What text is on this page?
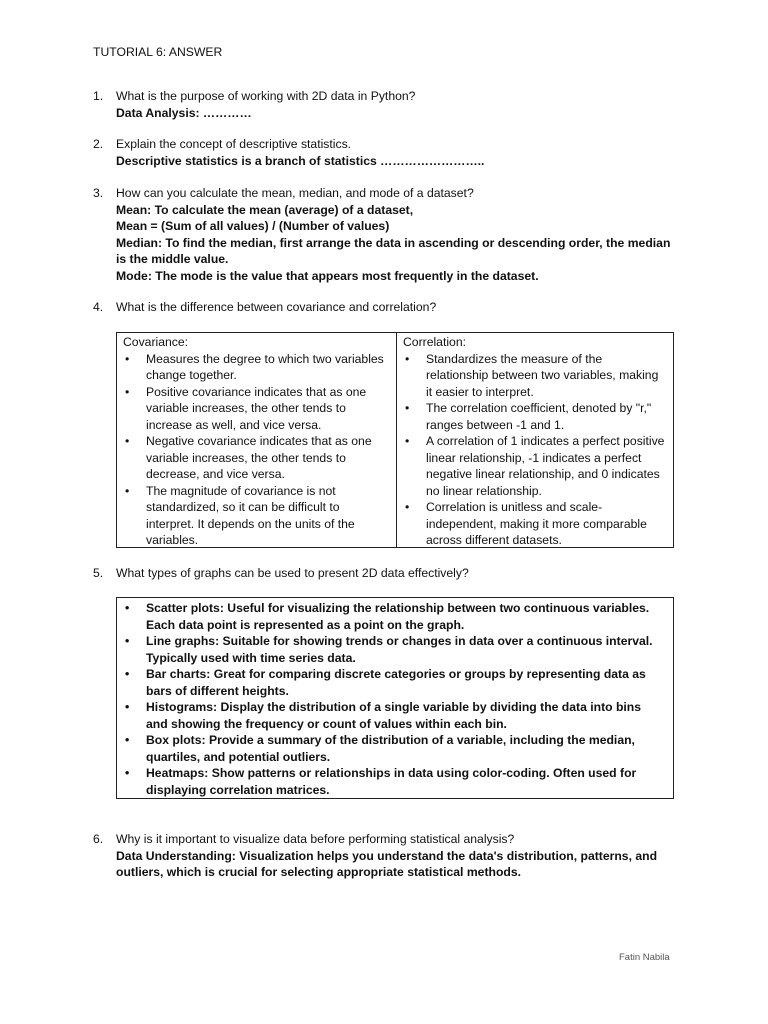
TUTORIAL 6: ANSWER
1.	What is the purpose of working with 2D data in Python?
Data Analysis: …………
2.	Explain the concept of descriptive statistics.
Descriptive statistics is a branch of statistics ……………………..
3.	How can you calculate the mean, median, and mode of a dataset?
Mean: To calculate the mean (average) of a dataset,
Mean = (Sum of all values) / (Number of values)
Median: To find the median, first arrange the data in ascending or descending order, the median is the middle value.
Mode: The mode is the value that appears most frequently in the dataset.
4.	What is the difference between covariance and correlation?
Covariance:
• Measures the degree to which two variables change together.
• Positive covariance indicates that as one variable increases, the other tends to increase as well, and vice versa.
• Negative covariance indicates that as one variable increases, the other tends to decrease, and vice versa.
• The magnitude of covariance is not standardized, so it can be difficult to interpret. It depends on the units of the variables.
Correlation:
• Standardizes the measure of the relationship between two variables, making it easier to interpret.
• The correlation coefficient, denoted by "r," ranges between -1 and 1.
• A correlation of 1 indicates a perfect positive linear relationship, -1 indicates a perfect negative linear relationship, and 0 indicates no linear relationship.
• Correlation is unitless and scale-independent, making it more comparable across different datasets.
5.	What types of graphs can be used to present 2D data effectively?
• Scatter plots: Useful for visualizing the relationship between two continuous variables. Each data point is represented as a point on the graph.
• Line graphs: Suitable for showing trends or changes in data over a continuous interval. Typically used with time series data.
• Bar charts: Great for comparing discrete categories or groups by representing data as bars of different heights.
• Histograms: Display the distribution of a single variable by dividing the data into bins and showing the frequency or count of values within each bin.
• Box plots: Provide a summary of the distribution of a variable, including the median, quartiles, and potential outliers.
• Heatmaps: Show patterns or relationships in data using color-coding. Often used for displaying correlation matrices.
6.	Why is it important to visualize data before performing statistical analysis?
Data Understanding: Visualization helps you understand the data's distribution, patterns, and outliers, which is crucial for selecting appropriate statistical methods.
Fatin Nabila
